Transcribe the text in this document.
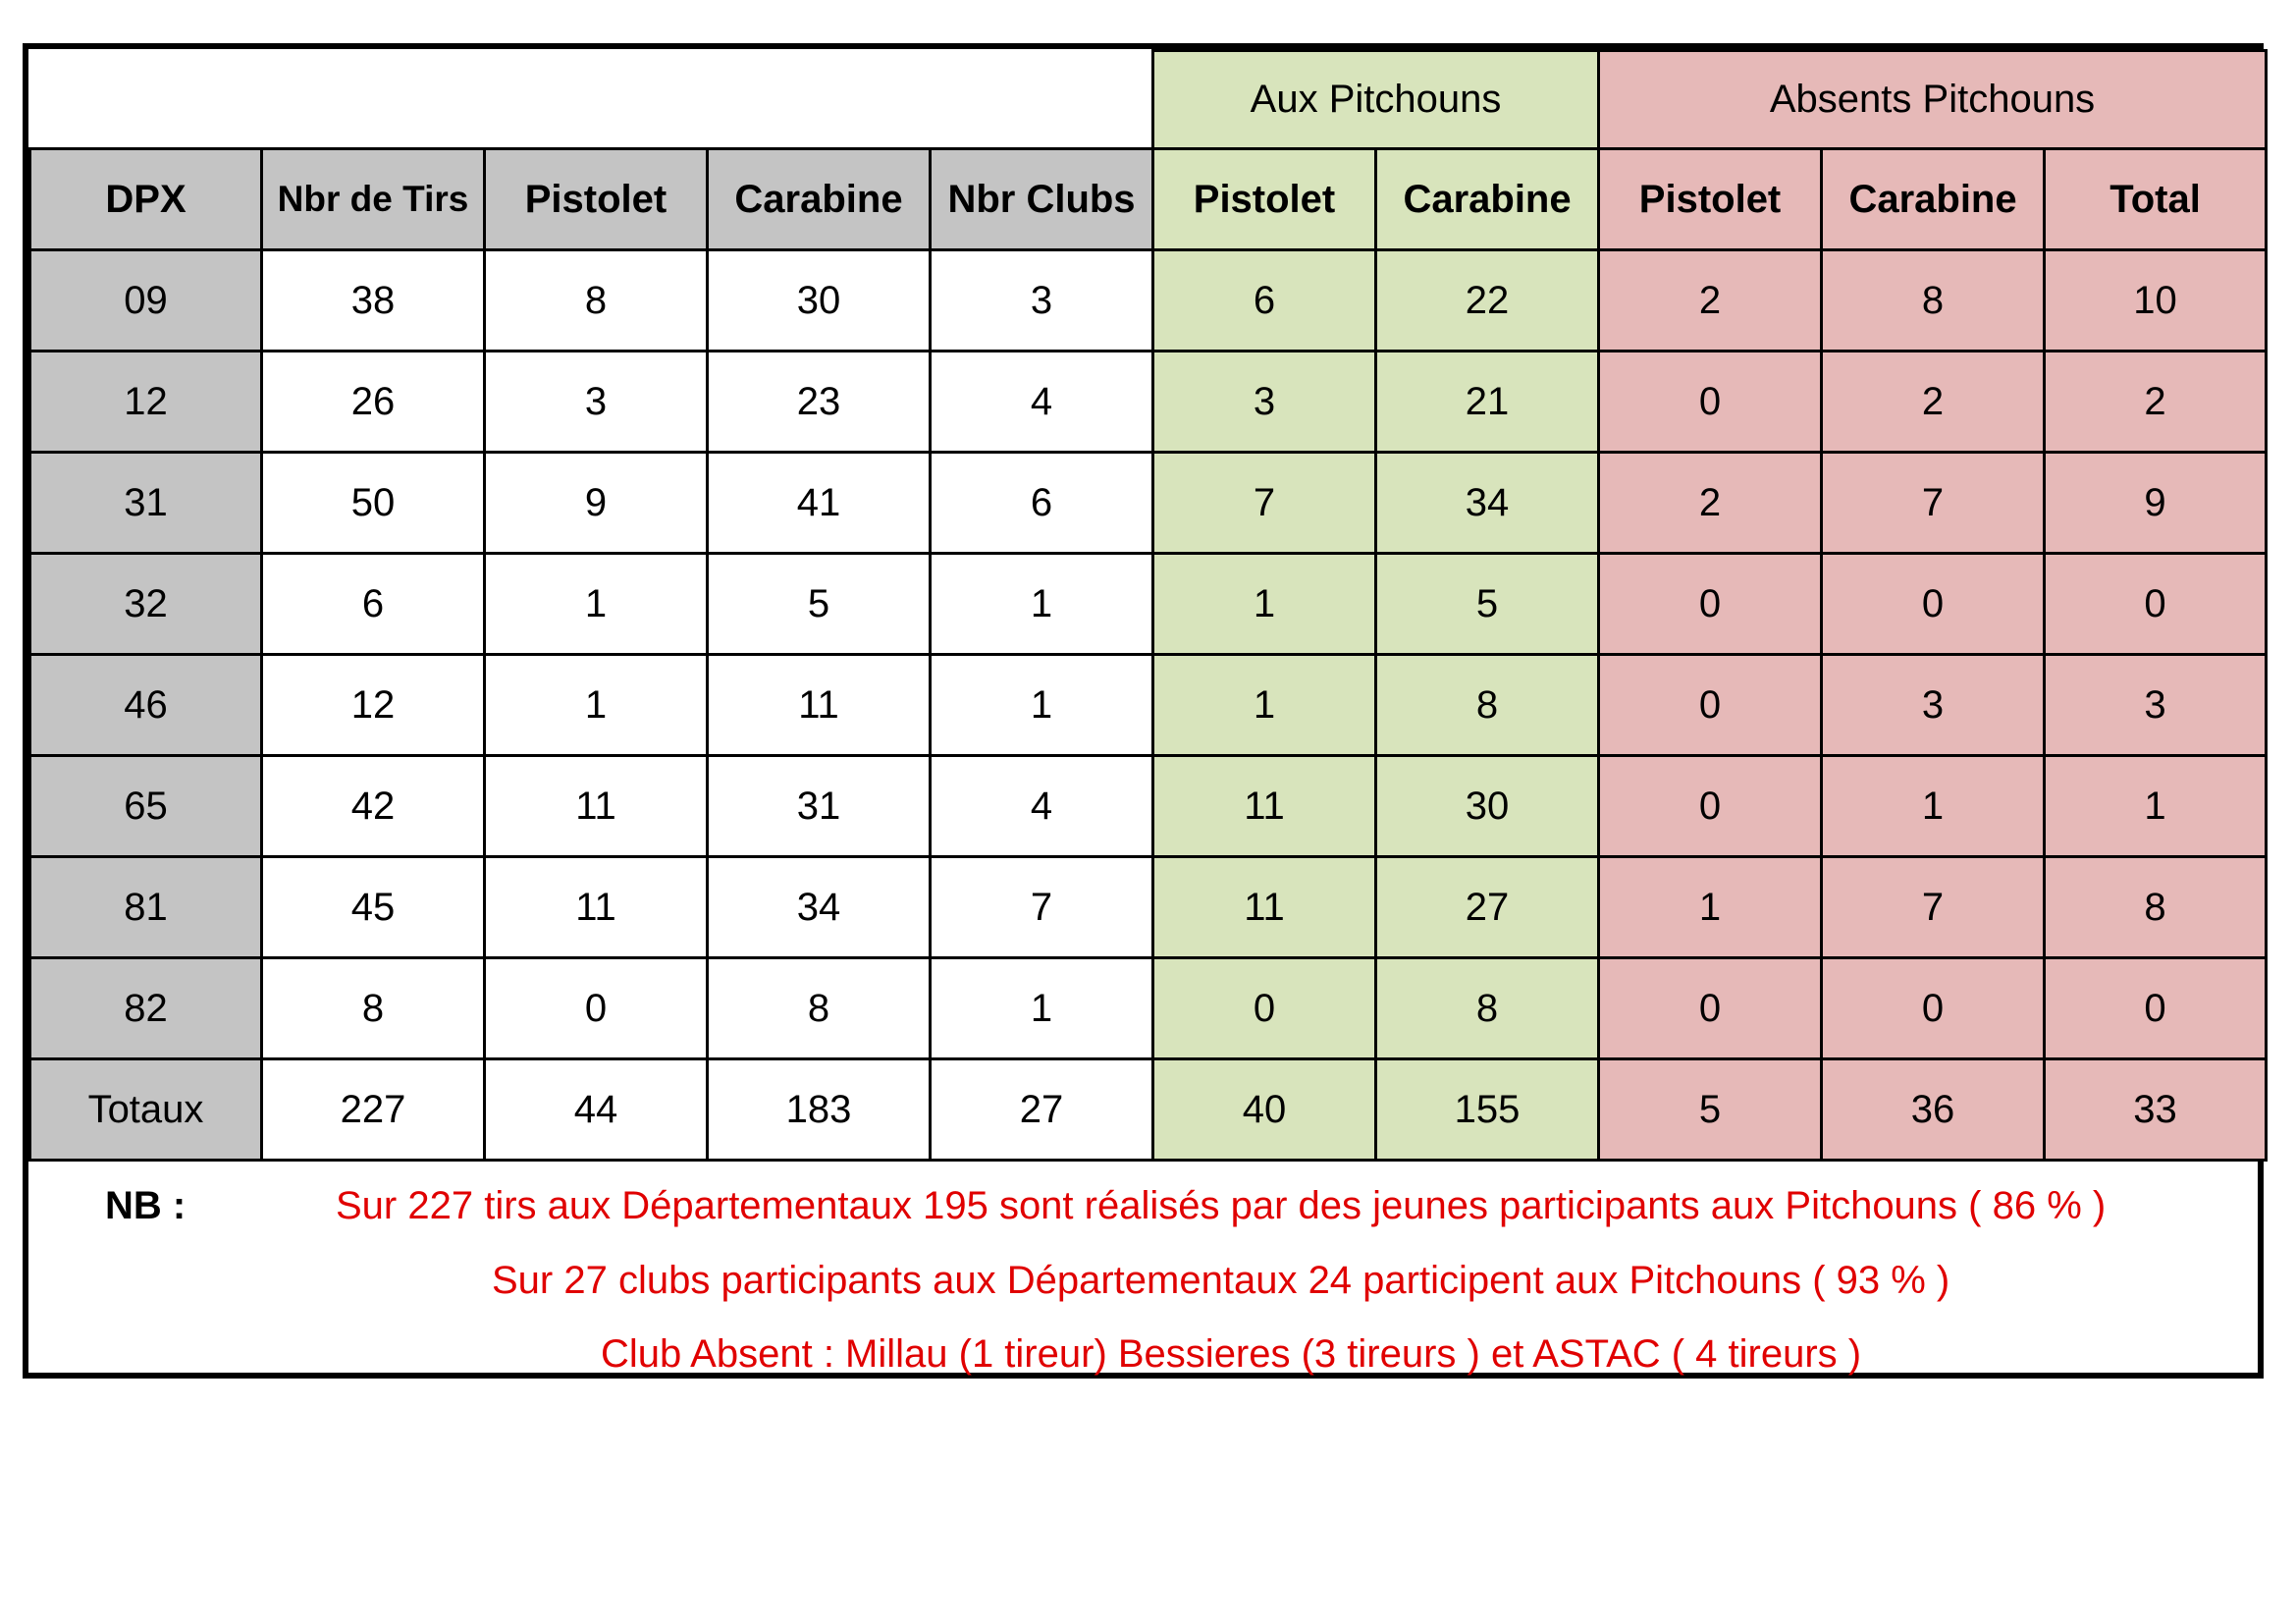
					Aux Pitchouns		Absents Pitchouns		
DPX	Nbr de Tirs	Pistolet	Carabine	Nbr Clubs	Pistolet	Carabine	Pistolet	Carabine	Total
09	38	8	30	3	6	22	2	8	10
12	26	3	23	4	3	21	0	2	2
31	50	9	41	6	7	34	2	7	9
32	6	1	5	1	1	5	0	0	0
46	12	1	11	1	1	8	0	3	3
65	42	11	31	4	11	30	0	1	1
81	45	11	34	7	11	27	1	7	8
82	8	0	8	1	0	8	0	0	0
Totaux	227	44	183	27	40	155	5	36	33
NB :	Sur 227 tirs aux Départementaux 195 sont réalisés par des jeunes participants aux Pitchouns ( 86 % )
Sur 27 clubs participants aux Départementaux 24 participent aux Pitchouns ( 93 % )
Club Absent : Millau (1 tireur) Bessieres (3 tireurs ) et ASTAC ( 4 tireurs )
